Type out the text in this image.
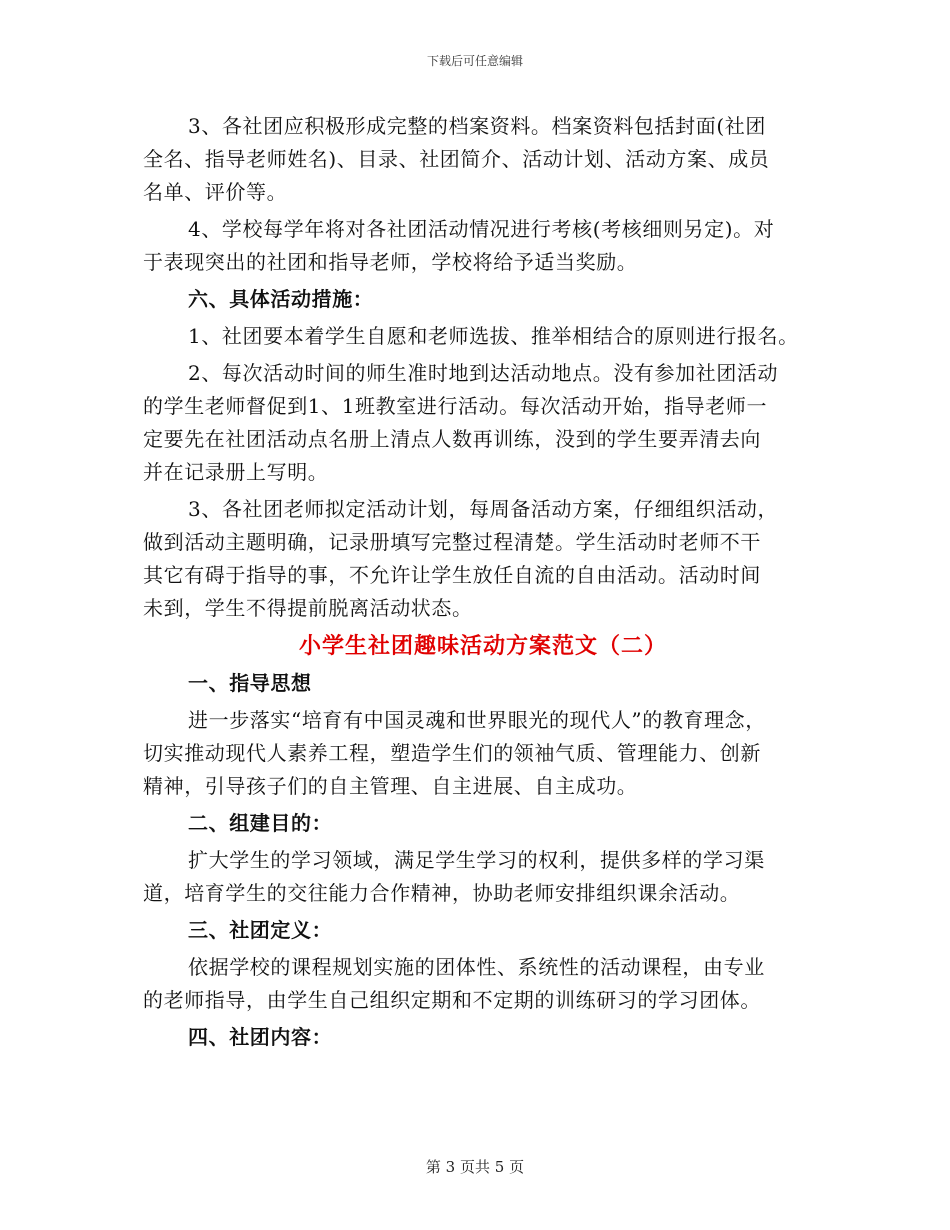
下载后可任意编辑
3、各社团应积极形成完整的档案资料。档案资料包括封面(社团
全名、指导老师姓名)、目录、社团简介、活动计划、活动方案、成员
名单、评价等。
4、学校每学年将对各社团活动情况进行考核(考核细则另定)。对
于表现突出的社团和指导老师，学校将给予适当奖励。
六、具体活动措施：
1、社团要本着学生自愿和老师选拔、推举相结合的原则进行报名。
2、每次活动时间的师生准时地到达活动地点。没有参加社团活动
的学生老师督促到1、1班教室进行活动。每次活动开始，指导老师一
定要先在社团活动点名册上清点人数再训练，没到的学生要弄清去向
并在记录册上写明。
3、各社团老师拟定活动计划，每周备活动方案，仔细组织活动，
做到活动主题明确，记录册填写完整过程清楚。学生活动时老师不干
其它有碍于指导的事，不允许让学生放任自流的自由活动。活动时间
未到，学生不得提前脱离活动状态。
小学生社团趣味活动方案范文（二）
一、指导思想
进一步落实“培育有中国灵魂和世界眼光的现代人”的教育理念，
切实推动现代人素养工程，塑造学生们的领袖气质、管理能力、创新
精神，引导孩子们的自主管理、自主进展、自主成功。
二、组建目的：
扩大学生的学习领域，满足学生学习的权利，提供多样的学习渠
道，培育学生的交往能力合作精神，协助老师安排组织课余活动。
三、社团定义：
依据学校的课程规划实施的团体性、系统性的活动课程，由专业
的老师指导，由学生自己组织定期和不定期的训练研习的学习团体。
四、社团内容：
第 3 页共 5 页
